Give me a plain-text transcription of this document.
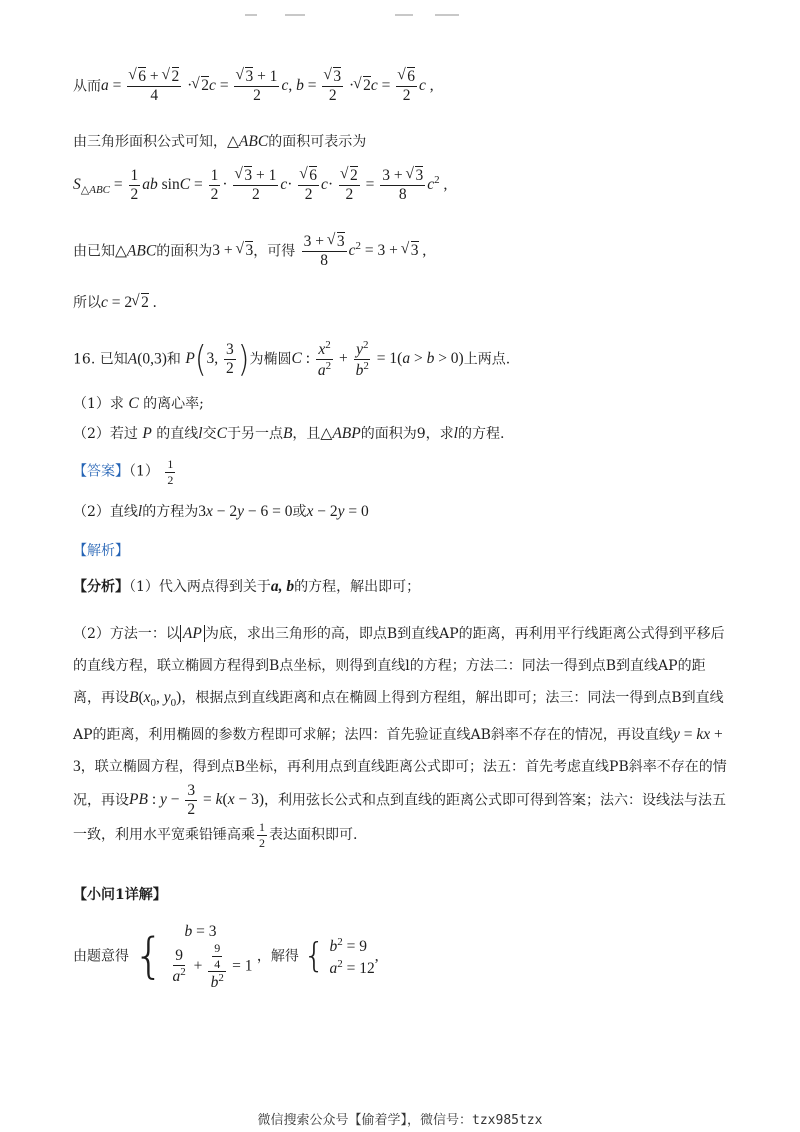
从而a = √ $\frac{6 + √ 2}{4}$ · √ 2c = √ $\frac{3 + 1}{2} c$, b = √ $\frac{3}{2}$ · √ 2c = √ $\frac{6}{2}$ c ,
由三角形面积公式可知，△ABC的面积可表示为
$S_{\triangle ABC} = \frac{1}{2}$ ab $\sin C = \frac{1}{2}$ · √ $\frac{3 + 1}{2} c\cdot$ √ $\frac{6}{2} c\cdot$ √ $\frac{2}{2} = \frac{3 + √ 3}{8} c^2$ ,
由已知△ABC的面积为3 + √ 3，可得 $\frac{3 + √ 3}{8} c^2 = 3$ + √ 3 ,
所以c = 2 √ 2 .
16. 已知A(0,3)和 P(3, $\frac{3}{2}$ )为椭圆C : $\frac{x^2}{a^2} + \frac{y^2}{b^2} = 1(a > b > 0)$上两点.
（1）求 C 的离心率;
（2）若过 P 的直线l交C于另一点B，且△ABP的面积为9，求l的方程.
【答案】$(1) \frac{1}{2}$
（2）直线l的方程为3x − 2y − 6 = 0或x − 2y = 0
【解析】
【分析】（1）代入两点得到关于a, b的方程，解出即可；
（2）方法一：以 AP 为底，求出三角形的高，即点B到直线AP的距离，再利用平行线距离公式得到平移后的直线方程，联立椭圆方程得到B点坐标，则得到直线l的方程；方法二：同法一得到点B到直线AP的距离，再设$B(x_0$, $y_0$)，根据点到直线距离和点在椭圆上得到方程组，解出即可；法三：同法一得到点B到直线AP的距离，利用椭圆的参数方程即可求解；法四：首先验证直线AB斜率不存在的情况，再设直线y = kx + 3，联立椭圆方程，得到点B坐标，再利用点到直线距离公式即可；法五：首先考虑直线PB斜率不存在的情况，再设PB : $y - \frac{3}{2} = k(x - 3)$，利用弦长公式和点到直线的距离公式即可得到答案；法六：设线法与法五一致，利用水平宽乘铅锤高乘 $\frac{1}{2}$ 表达面积即可.
【小问1详解】
由题意得 {	b = 3
$\frac{9}{a^2} + \frac{\frac{9}{4}}{b^2} = 1$
，解得 { $b^2 = 9$
$a^2 = 12$
,
微信搜索公众号【偷着学】，微信号：tzx985tzx
